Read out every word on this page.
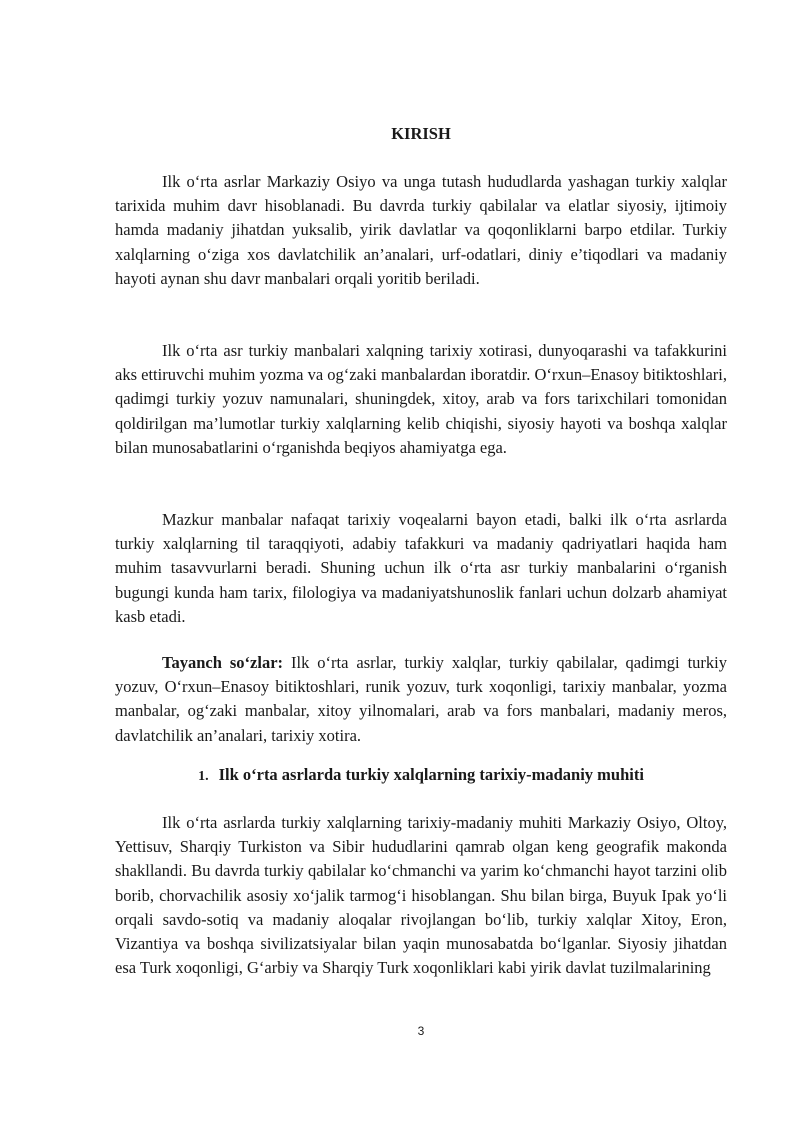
KIRISH

Ilk o‘rta asrlar Markaziy Osiyo va unga tutash hududlarda yashagan turkiy xalqlar tarixida muhim davr hisoblanadi. Bu davrda turkiy qabilalar va elatlar siyosiy, ijtimoiy hamda madaniy jihatdan yuksalib, yirik davlatlar va qoqonliklarni barpo etdilar. Turkiy xalqlarning o‘ziga xos davlatchilik an’analari, urf-odatlari, diniy e’tiqodlari va madaniy hayoti aynan shu davr manbalari orqali yoritib beriladi.

Ilk o‘rta asr turkiy manbalari xalqning tarixiy xotirasi, dunyoqarashi va tafakkurini aks ettiruvchi muhim yozma va og‘zaki manbalardan iboratdir. O‘rxun–Enasoy bitiktoshlari, qadimgi turkiy yozuv namunalari, shuningdek, xitoy, arab va fors tarixchilari tomonidan qoldirilgan ma’lumotlar turkiy xalqlarning kelib chiqishi, siyosiy hayoti va boshqa xalqlar bilan munosabatlarini o‘rganishda beqiyos ahamiyatga ega.

Mazkur manbalar nafaqat tarixiy voqealarni bayon etadi, balki ilk o‘rta asrlarda turkiy xalqlarning til taraqqiyoti, adabiy tafakkuri va madaniy qadriyatlari haqida ham muhim tasavvurlarni beradi. Shuning uchun ilk o‘rta asr turkiy manbalarini o‘rganish bugungi kunda ham tarix, filologiya va madaniyatshunoslik fanlari uchun dolzarb ahamiyat kasb etadi.

Tayanch so‘zlar: Ilk o‘rta asrlar, turkiy xalqlar, turkiy qabilalar, qadimgi turkiy yozuv, O‘rxun–Enasoy bitiktoshlari, runik yozuv, turk xoqonligi, tarixiy manbalar, yozma manbalar, og‘zaki manbalar, xitoy yilnomalari, arab va fors manbalari, madaniy meros, davlatchilik an’analari, tarixiy xotira.

1. Ilk o‘rta asrlarda turkiy xalqlarning tarixiy-madaniy muhiti

Ilk o‘rta asrlarda turkiy xalqlarning tarixiy-madaniy muhiti Markaziy Osiyo, Oltoy, Yettisuv, Sharqiy Turkiston va Sibir hududlarini qamrab olgan keng geografik makonda shakllandi. Bu davrda turkiy qabilalar ko‘chmanchi va yarim ko‘chmanchi hayot tarzini olib borib, chorvachilik asosiy xo‘jalik tarmog‘i hisoblangan. Shu bilan birga, Buyuk Ipak yo‘li orqali savdo-sotiq va madaniy aloqalar rivojlangan bo‘lib, turkiy xalqlar Xitoy, Eron, Vizantiya va boshqa sivilizatsiyalar bilan yaqin munosabatda bo‘lganlar. Siyosiy jihatdan esa Turk xoqonligi, G‘arbiy va Sharqiy Turk xoqonliklari kabi yirik davlat tuzilmalarining

3
